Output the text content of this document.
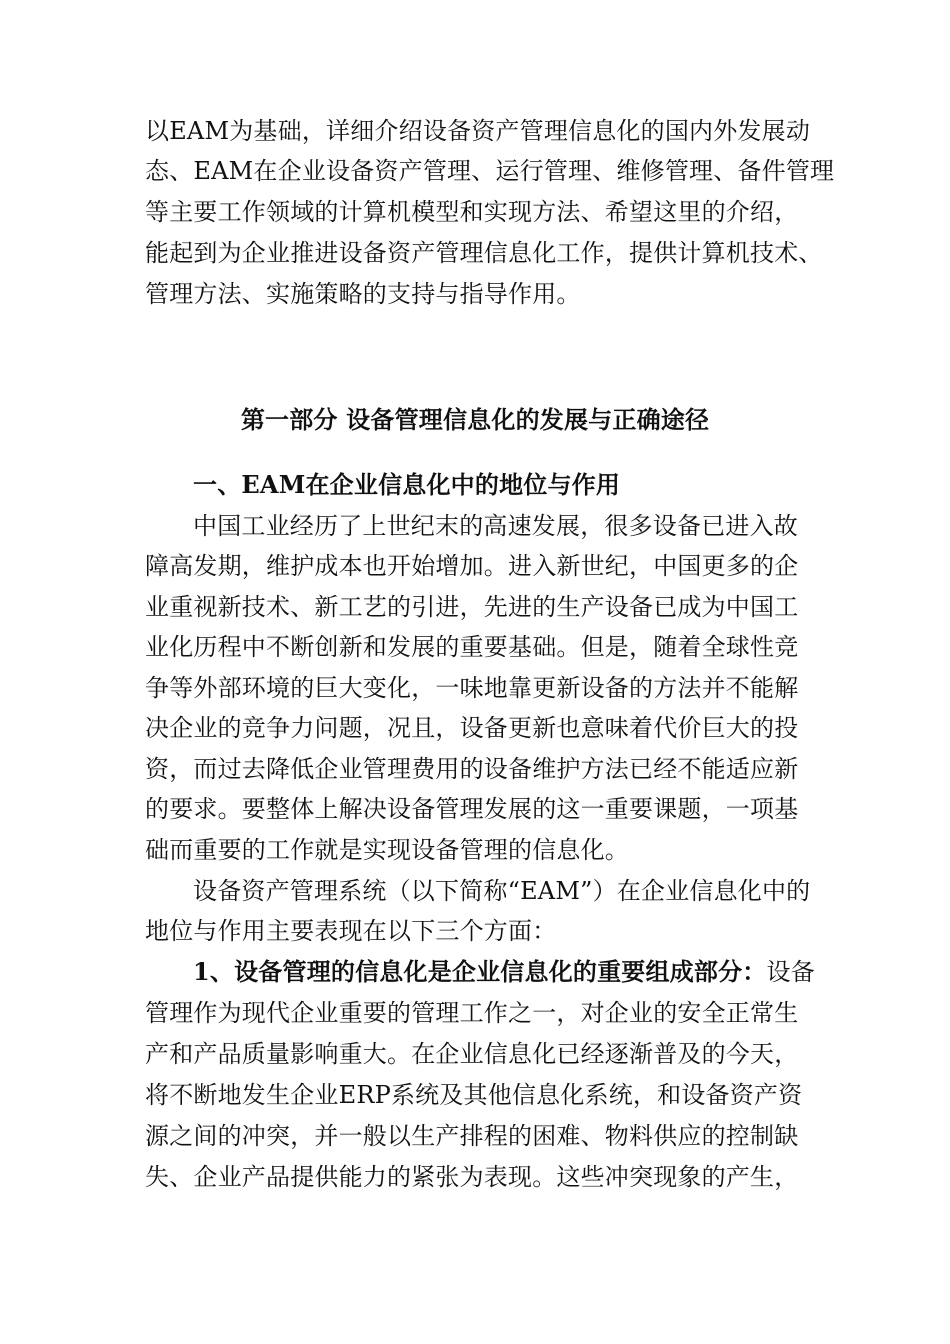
以EAM为基础，详细介绍设备资产管理信息化的国内外发展动
态、EAM在企业设备资产管理、运行管理、维修管理、备件管理
等主要工作领域的计算机模型和实现方法、希望这里的介绍，
能起到为企业推进设备资产管理信息化工作，提供计算机技术、
管理方法、实施策略的支持与指导作用。
第一部分 设备管理信息化的发展与正确途径
一、EAM在企业信息化中的地位与作用
中国工业经历了上世纪末的高速发展，很多设备已进入故
障高发期，维护成本也开始增加。进入新世纪，中国更多的企
业重视新技术、新工艺的引进，先进的生产设备已成为中国工
业化历程中不断创新和发展的重要基础。但是，随着全球性竞
争等外部环境的巨大变化，一味地靠更新设备的方法并不能解
决企业的竞争力问题，况且，设备更新也意味着代价巨大的投
资，而过去降低企业管理费用的设备维护方法已经不能适应新
的要求。要整体上解决设备管理发展的这一重要课题，一项基
础而重要的工作就是实现设备管理的信息化。
设备资产管理系统（以下简称“EAM”）在企业信息化中的
地位与作用主要表现在以下三个方面：
1、设备管理的信息化是企业信息化的重要组成部分：设备
管理作为现代企业重要的管理工作之一，对企业的安全正常生
产和产品质量影响重大。在企业信息化已经逐渐普及的今天，
将不断地发生企业ERP系统及其他信息化系统，和设备资产资
源之间的冲突，并一般以生产排程的困难、物料供应的控制缺
失、企业产品提供能力的紧张为表现。这些冲突现象的产生，
